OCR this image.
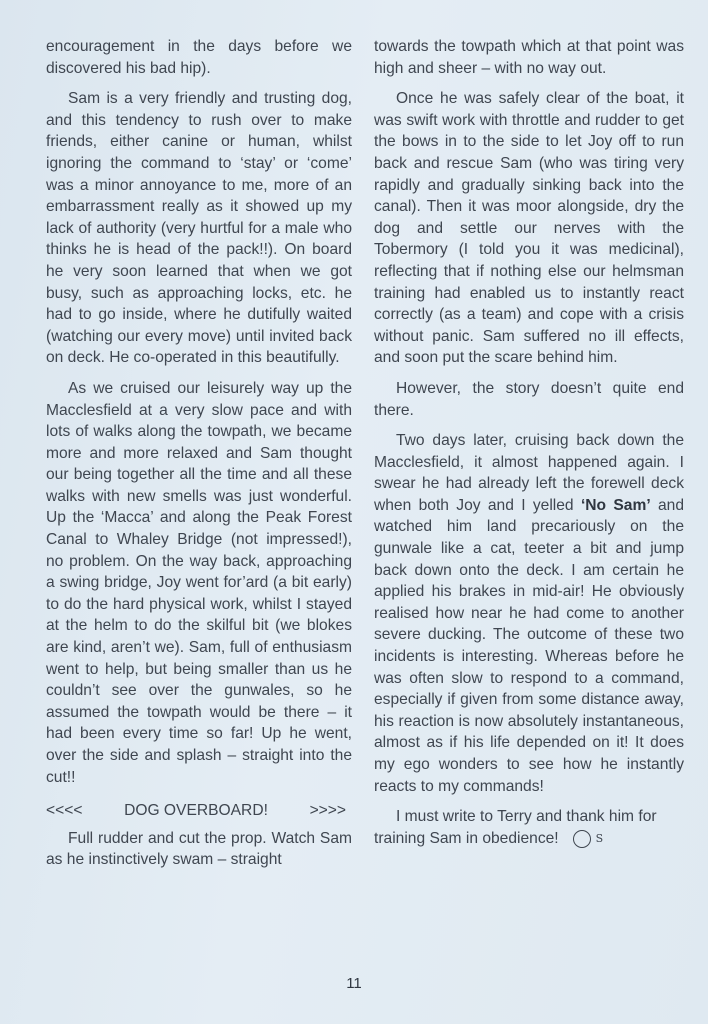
encouragement in the days before we discovered his bad hip).

Sam is a very friendly and trusting dog, and this tendency to rush over to make friends, either canine or human, whilst ignoring the command to ‘stay’ or ‘come’ was a minor annoyance to me, more of an embarrassment really as it showed up my lack of authority (very hurtful for a male who thinks he is head of the pack!!). On board he very soon learned that when we got busy, such as approaching locks, etc. he had to go inside, where he dutifully waited (watching our every move) until invited back on deck. He co-operated in this beautifully.

As we cruised our leisurely way up the Macclesfield at a very slow pace and with lots of walks along the towpath, we became more and more relaxed and Sam thought our being together all the time and all these walks with new smells was just wonderful. Up the ‘Macca’ and along the Peak Forest Canal to Whaley Bridge (not impressed!), no problem. On the way back, approaching a swing bridge, Joy went for’ard (a bit early) to do the hard physical work, whilst I stayed at the helm to do the skilful bit (we blokes are kind, aren’t we). Sam, full of enthusiasm went to help, but being smaller than us he couldn’t see over the gunwales, so he assumed the towpath would be there – it had been every time so far! Up he went, over the side and splash – straight into the cut!!

<<<<	DOG OVERBOARD!	>>>>

Full rudder and cut the prop. Watch Sam as he instinctively swam – straight

towards the towpath which at that point was high and sheer – with no way out.

Once he was safely clear of the boat, it was swift work with throttle and rudder to get the bows in to the side to let Joy off to run back and rescue Sam (who was tiring very rapidly and gradually sinking back into the canal). Then it was moor alongside, dry the dog and settle our nerves with the Tobermory (I told you it was medicinal), reflecting that if nothing else our helmsman training had enabled us to instantly react correctly (as a team) and cope with a crisis without panic. Sam suffered no ill effects, and soon put the scare behind him.

However, the story doesn’t quite end there.

Two days later, cruising back down the Macclesfield, it almost happened again. I swear he had already left the forewell deck when both Joy and I yelled ‘No Sam’ and watched him land precariously on the gunwale like a cat, teeter a bit and jump back down onto the deck. I am certain he applied his brakes in mid-air! He obviously realised how near he had come to another severe ducking. The outcome of these two incidents is interesting. Whereas before he was often slow to respond to a command, especially if given from some distance away, his reaction is now absolutely instantaneous, almost as if his life depended on it! It does my ego wonders to see how he instantly reacts to my commands!

I must write to Terry and thank him for training Sam in obedience!	S

11
